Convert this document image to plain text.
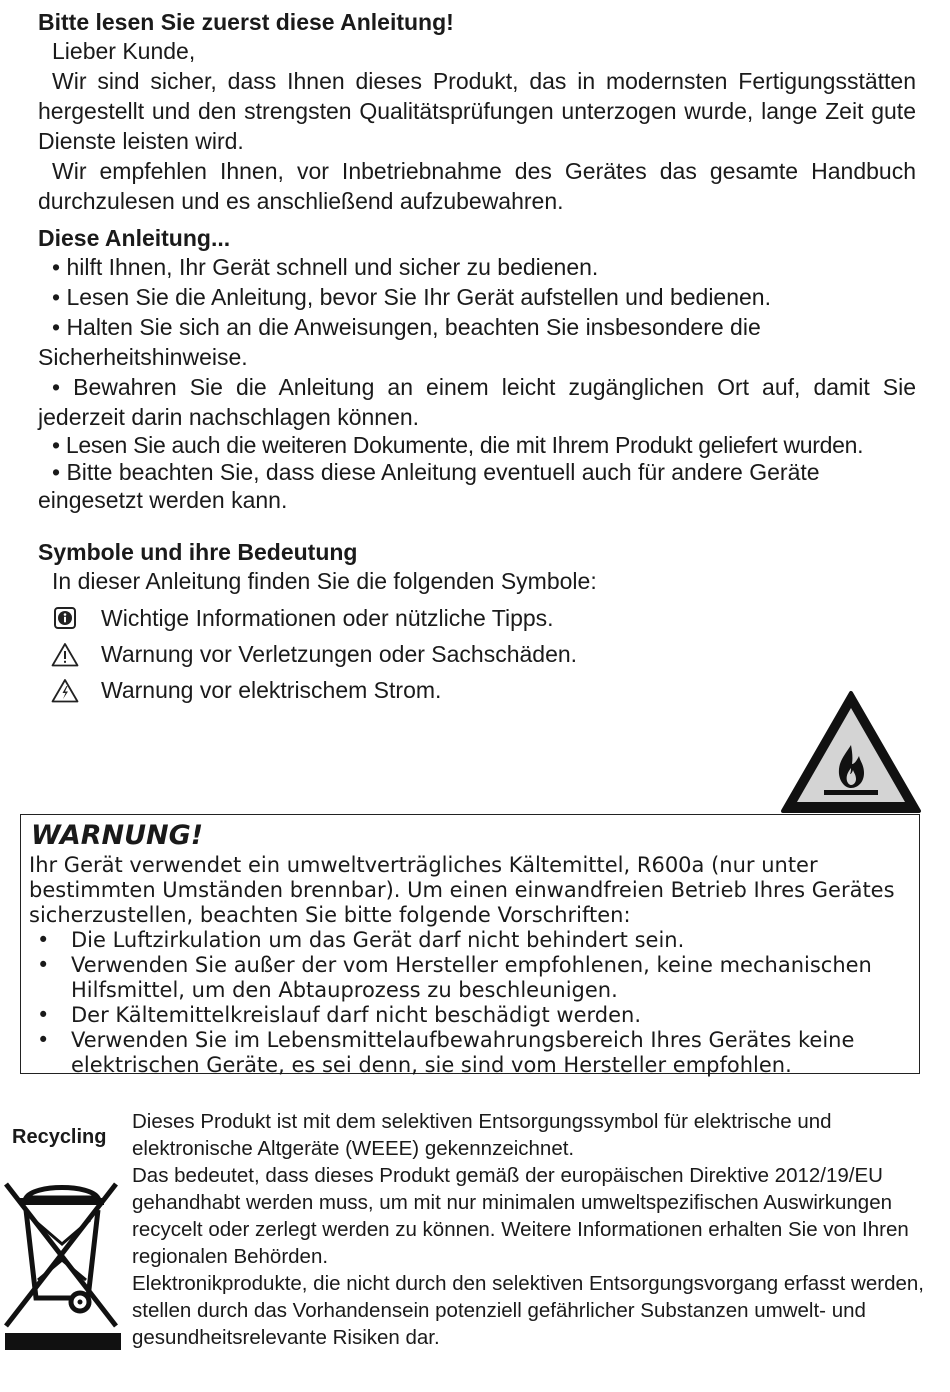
Bitte lesen Sie zuerst diese Anleitung!

Lieber Kunde,

Wir sind sicher, dass Ihnen dieses Produkt, das in modernsten Fertigungsstätten hergestellt und den strengsten Qualitätsprüfungen unterzogen wurde, lange Zeit gute Dienste leisten wird.

Wir empfehlen Ihnen, vor Inbetriebnahme des Gerätes das gesamte Handbuch durchzulesen und es anschließend aufzubewahren.

Diese Anleitung...

• hilft Ihnen, Ihr Gerät schnell und sicher zu bedienen.

• Lesen Sie die Anleitung, bevor Sie Ihr Gerät aufstellen und bedienen.

• Halten Sie sich an die Anweisungen, beachten Sie insbesondere die Sicherheitshinweise.

• Bewahren Sie die Anleitung an einem leicht zugänglichen Ort auf, damit Sie jederzeit darin nachschlagen können.

• Lesen Sie auch die weiteren Dokumente, die mit Ihrem Produkt geliefert wurden.

• Bitte beachten Sie, dass diese Anleitung eventuell auch für andere Geräte eingesetzt werden kann.

Symbole und ihre Bedeutung

In dieser Anleitung finden Sie die folgenden Symbole:

Wichtige Informationen oder nützliche Tipps.
Warnung vor Verletzungen oder Sachschäden.
Warnung vor elektrischem Strom.

WARNUNG!

Ihr Gerät verwendet ein umweltverträgliches Kältemittel, R600a (nur unter bestimmten Umständen brennbar). Um einen einwandfreien Betrieb Ihres Gerätes sicherzustellen, beachten Sie bitte folgende Vorschriften:

•	Die Luftzirkulation um das Gerät darf nicht behindert sein.
•	Verwenden Sie außer der vom Hersteller empfohlenen, keine mechanischen Hilfsmittel, um den Abtauprozess zu beschleunigen.
•	Der Kältemittelkreislauf darf nicht beschädigt werden.
•	Verwenden Sie im Lebensmittelaufbewahrungsbereich Ihres Gerätes keine elektrischen Geräte, es sei denn, sie sind vom Hersteller empfohlen.

Recycling

Dieses Produkt ist mit dem selektiven Entsorgungssymbol für elektrische und elektronische Altgeräte (WEEE) gekennzeichnet.

Das bedeutet, dass dieses Produkt gemäß der europäischen Direktive 2012/19/EU gehandhabt werden muss, um mit nur minimalen umweltspezifischen Auswirkungen recycelt oder zerlegt werden zu können. Weitere Informationen erhalten Sie von Ihren regionalen Behörden.

Elektronikprodukte, die nicht durch den selektiven Entsorgungsvorgang erfasst werden, stellen durch das Vorhandensein potenziell gefährlicher Substanzen umwelt- und gesundheitsrelevante Risiken dar.
